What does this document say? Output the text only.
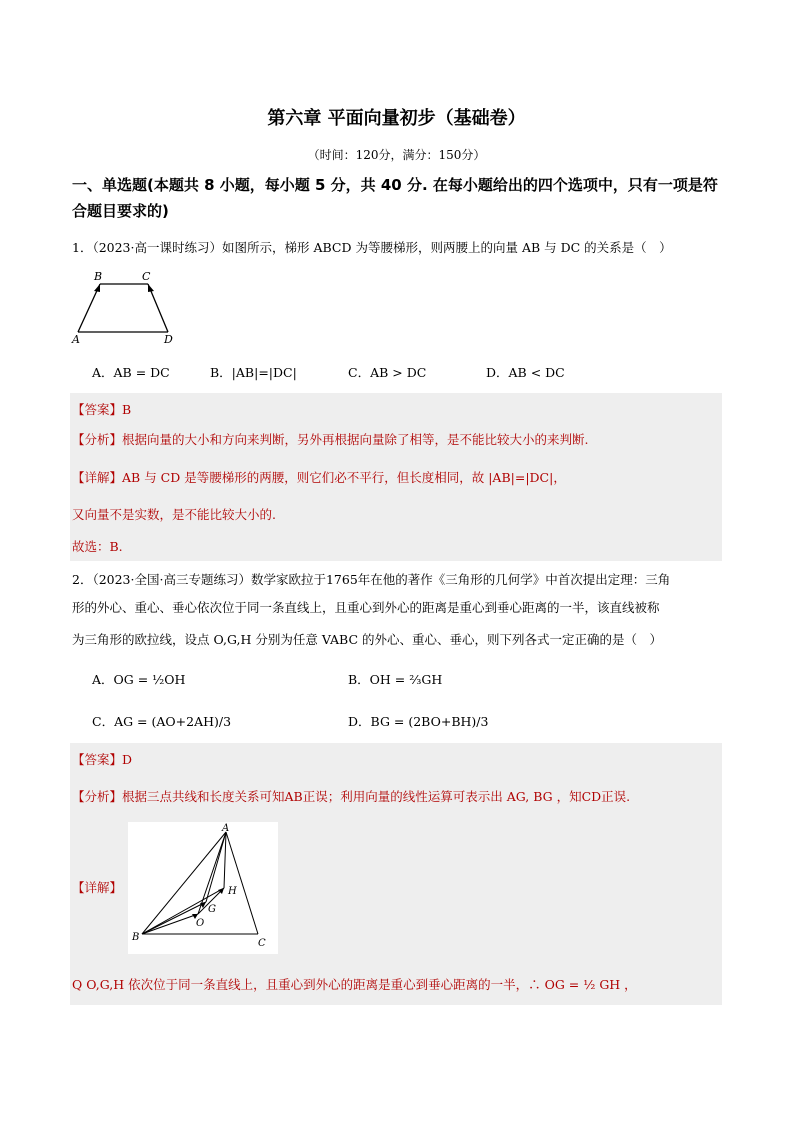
第六章 平面向量初步（基础卷）
（时间：120分，满分：150分）
一、单选题(本题共 8 小题，每小题 5 分，共 40 分. 在每小题给出的四个选项中，只有一项是符合题目要求的)
1．（2023·高一课时练习）如图所示，梯形 ABCD 为等腰梯形，则两腰上的向量 AB 与 DC 的关系是（　）
B	C
A	D
A．AB = DC	B．|AB|=|DC|	C．AB > DC	D．AB < DC
【答案】B
【分析】根据向量的大小和方向来判断，另外再根据向量除了相等，是不能比较大小的来判断.
【详解】AB 与 CD 是等腰梯形的两腰，则它们必不平行，但长度相同，故 |AB|=|DC|，
又向量不是实数，是不能比较大小的.
故选：B.
2．（2023·全国·高三专题练习）数学家欧拉于1765年在他的著作《三角形的几何学》中首次提出定理：三角
形的外心、重心、垂心依次位于同一条直线上，且重心到外心的距离是重心到垂心距离的一半，该直线被称
为三角形的欧拉线，设点 O,G,H 分别为任意 VABC 的外心、重心、垂心，则下列各式一定正确的是（　）
A．OG = ½OH	B．OH = ⅔GH
C．AG = (AO+2AH)/3	D．BG = (2BO+BH)/3
【答案】D
【分析】根据三点共线和长度关系可知AB正误；利用向量的线性运算可表示出 AG, BG ，知CD正误.
【详解】
A
H
G
O
B
C
Q O,G,H 依次位于同一条直线上，且重心到外心的距离是重心到垂心距离的一半，∴ OG = ½ GH ，
